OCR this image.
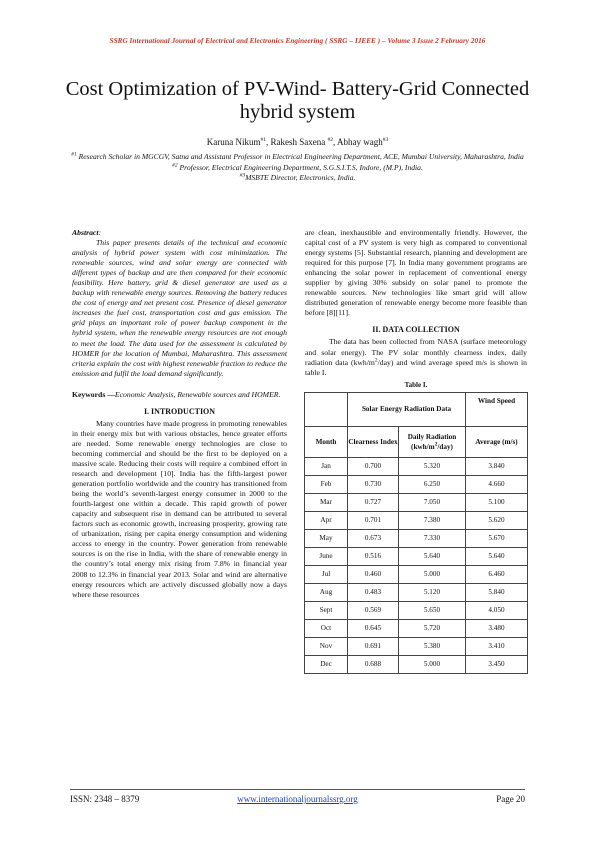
SSRG International Journal of Electrical and Electronics Engineering ( SSRG – IJEEE ) – Volume 3 Issue 2 February 2016
Cost Optimization of PV-Wind- Battery-Grid Connected hybrid system
Karuna Nikum$^{\#1}$, Rakesh Saxena $^{\#2}$, Abhay wagh$^{\#3}$
$^{\#1}$ Research Scholar in MGCGV, Satna and Assistant Professor in Electrical Engineering Department, ACE, Mumbai University, Maharashtra, India
$^{\#2}$ Professor, Electrical Engineering Department, S.G.S.I.T.S, Indore, (M.P), India.
$^{\#3}$MSBTE Director, Electronics, India.
Abstract:

This paper presents details of the technical and economic analysis of hybrid power system with cost minimization. The renewable sources, wind and solar energy are connected with different types of backup and are then compared for their economic feasibility. Here battery, grid & diesel generator are used as a backup with renewable energy sources. Removing the battery reduces the cost of energy and net present cost. Presence of diesel generator increases the fuel cost, transportation cost and gas emission. The grid plays an important role of power backup component in the hybrid system, when the renewable energy resources are not enough to meet the load. The data used for the assessment is calculated by HOMER for the location of Mumbai, Maharashtra. This assessment criteria explain the cost with highest renewable fraction to reduce the emission and fulfil the load demand significantly.

Keywords —Economic Analysis, Renewable sources and HOMER.
I. INTRODUCTION

Many countries have made progress in promoting renewables in their energy mix but with various obstacles, hence greater efforts are needed. Some renewable energy technologies are close to becoming commercial and should be the first to be deployed on a massive scale. Reducing their costs will require a combined effort in research and development [10]. India has the fifth-largest power generation portfolio worldwide and the country has transitioned from being the world’s seventh-largest energy consumer in 2000 to the fourth-largest one within a decade. This rapid growth of power capacity and subsequent rise in demand can be attributed to several factors such as economic growth, increasing prosperity, growing rate of urbanization, rising per capita energy consumption and widening access to energy in the country. Power generation from renewable sources is on the rise in India, with the share of renewable energy in the country’s total energy mix rising from 7.8% in financial year 2008 to 12.3% in financial year 2013. Solar and wind are alternative energy resources which are actively discussed globally now a days where these resources

are clean, inexhaustible and environmentally friendly. However, the capital cost of a PV system is very high as compared to conventional energy systems [5]. Substantial research, planning and development are required for this purpose [7]. In India many government programs are enhancing the solar power in replacement of conventional energy supplier by giving 30% subsidy on solar panel to promote the renewable sources. New technologies like smart grid will allow distributed generation of renewable energy become more feasible than before [8][11].

II. DATA COLLECTION

The data has been collected from NASA (surface meteorology and solar energy). The PV solar monthly clearness index, daily radiation data $(kwh/m^2/day)$ and wind average speed m/s is shown in table I.

Table I.
	Solar Energy Radiation Data		Wind Speed
Month	Clearness Index	Daily Radiation $(kwh/m^2/day)$	Average (m/s)
Jan	0.700	5.320	3.840
Feb	0.730	6.250	4.660
Mar	0.727	7.050	5.100
Apr	0.701	7.380	5.620
May	0.673	7.330	5.670
June	0.516	5.640	5.640
Jul	0.460	5.000	6.460
Aug	0.483	5.120	5.840
Sept	0.569	5.650	4.050
Oct	0.645	5.720	3.480
Nov	0.691	5.380	3.410
Dec	0.688	5.000	3.450
ISSN: 2348 – 8379	www.internationaljournalssrg.org	Page 20
